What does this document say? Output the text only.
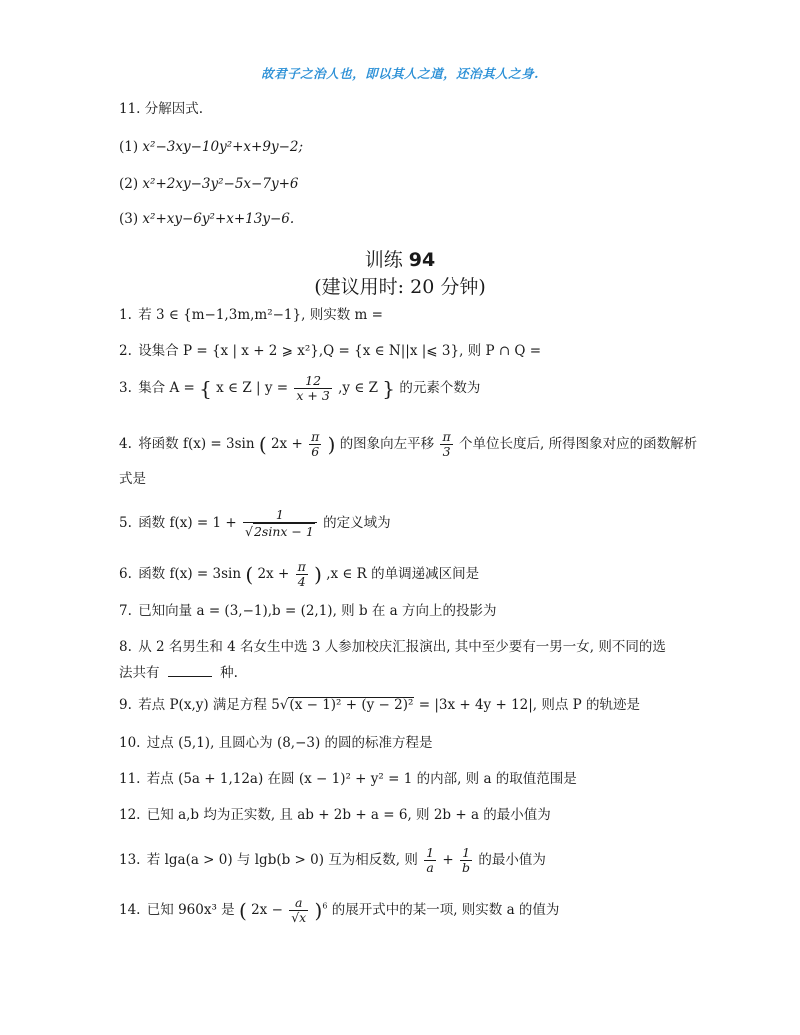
故君子之治人也，即以其人之道，还治其人之身.
11. 分解因式.
(1) x²−3xy−10y²+x+9y−2;
(2) x²+2xy−3y²−5x−7y+6
(3) x²+xy−6y²+x+13y−6.
训练 94
(建议用时: 20 分钟)
1. 若 3 ∈ {m−1,3m,m²−1}, 则实数 m =
2. 设集合 P = {x | x + 2 ⩾ x²},Q = {x ∈ N||x |⩽ 3}, 则 P ∩ Q =
3. 集合 A = { x ∈ Z | $y = \frac{12}{x + 3} ,y$ ∈ Z } 的元素个数为
4. 将函数 f(x) = 3sin ( $2x + \frac{\pi}{6}$ ) 的图象向左平移 $\frac{\pi}{3}$ 个单位长度后, 所得图象对应的函数解析
式是
5. 函数 $f(x) = 1 + \frac{1}{√2\sin x - 1}$ 的定义域为
6. 函数 f(x) = 3sin ( $2x + \frac{\pi}{4}$ ) ,x ∈ R 的单调递减区间是
7. 已知向量 a = (3,−1),b = (2,1), 则 b 在 a 方向上的投影为
8. 从 2 名男生和 4 名女生中选 3 人参加校庆汇报演出, 其中至少要有一男一女, 则不同的选
法共有	种.
9. 若点 P(x,y) 满足方程 5√(x − 1)² + (y − 2)² = |3x + 4y + 12|, 则点 P 的轨迹是
10. 过点 (5,1), 且圆心为 (8,−3) 的圆的标准方程是
11. 若点 (5a + 1,12a) 在圆 (x − 1)² + y² = 1 的内部, 则 a 的取值范围是
12. 已知 a,b 均为正实数, 且 ab + 2b + a = 6, 则 2b + a 的最小值为
13. 若 lga(a > 0) 与 lgb(b > 0) 互为相反数, 则 $\frac{1}{a} + \frac{1}{b}$ 的最小值为
14. 已知 960x³ 是 ( $2x - \frac{a}{√x} )^6$ 的展开式中的某一项, 则实数 a 的值为
